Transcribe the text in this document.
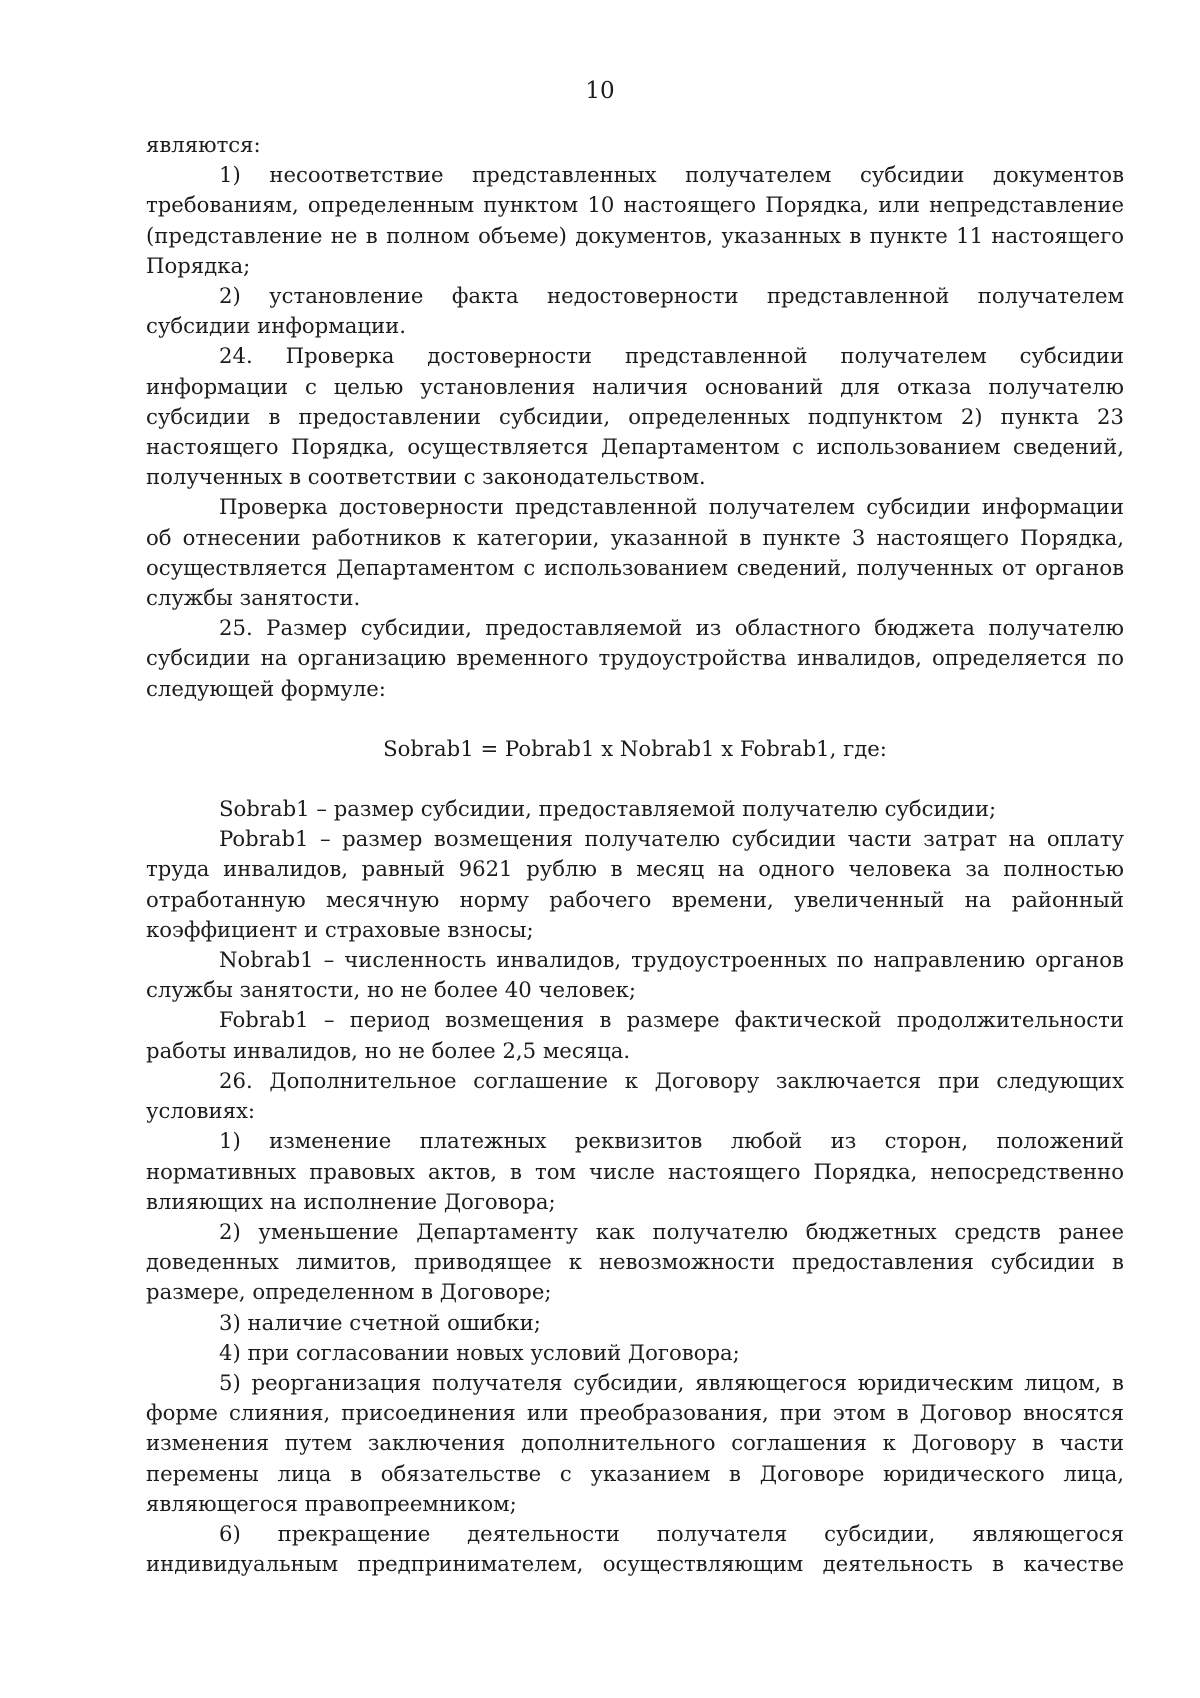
10

являются:

1) несоответствие представленных получателем субсидии документов требованиям, определенным пунктом 10 настоящего Порядка, или непредставление (представление не в полном объеме) документов, указанных в пункте 11 настоящего Порядка;

2) установление факта недостоверности представленной получателем субсидии информации.

24. Проверка достоверности представленной получателем субсидии информации с целью установления наличия оснований для отказа получателю субсидии в предоставлении субсидии, определенных подпунктом 2) пункта 23 настоящего Порядка, осуществляется Департаментом с использованием сведений, полученных в соответствии с законодательством.

Проверка достоверности представленной получателем субсидии информации об отнесении работников к категории, указанной в пункте 3 настоящего Порядка, осуществляется Департаментом с использованием сведений, полученных от органов службы занятости.

25. Размер субсидии, предоставляемой из областного бюджета получателю субсидии на организацию временного трудоустройства инвалидов, определяется по следующей формуле:

Sobrab1 = Pobrab1 x Nobrab1 x Fobrab1, где:

Sobrab1 – размер субсидии, предоставляемой получателю субсидии;

Pobrab1 – размер возмещения получателю субсидии части затрат на оплату труда инвалидов, равный 9621 рублю в месяц на одного человека за полностью отработанную месячную норму рабочего времени, увеличенный на районный коэффициент и страховые взносы;

Nobrab1 – численность инвалидов, трудоустроенных по направлению органов службы занятости, но не более 40 человек;

Fobrab1 – период возмещения в размере фактической продолжительности работы инвалидов, но не более 2,5 месяца.

26. Дополнительное соглашение к Договору заключается при следующих условиях:

1) изменение платежных реквизитов любой из сторон, положений нормативных правовых актов, в том числе настоящего Порядка, непосредственно влияющих на исполнение Договора;

2) уменьшение Департаменту как получателю бюджетных средств ранее доведенных лимитов, приводящее к невозможности предоставления субсидии в размере, определенном в Договоре;

3) наличие счетной ошибки;

4) при согласовании новых условий Договора;

5) реорганизация получателя субсидии, являющегося юридическим лицом, в форме слияния, присоединения или преобразования, при этом в Договор вносятся изменения путем заключения дополнительного соглашения к Договору в части перемены лица в обязательстве с указанием в Договоре юридического лица, являющегося правопреемником;

6) прекращение деятельности получателя субсидии, являющегося индивидуальным предпринимателем, осуществляющим деятельность в качестве
